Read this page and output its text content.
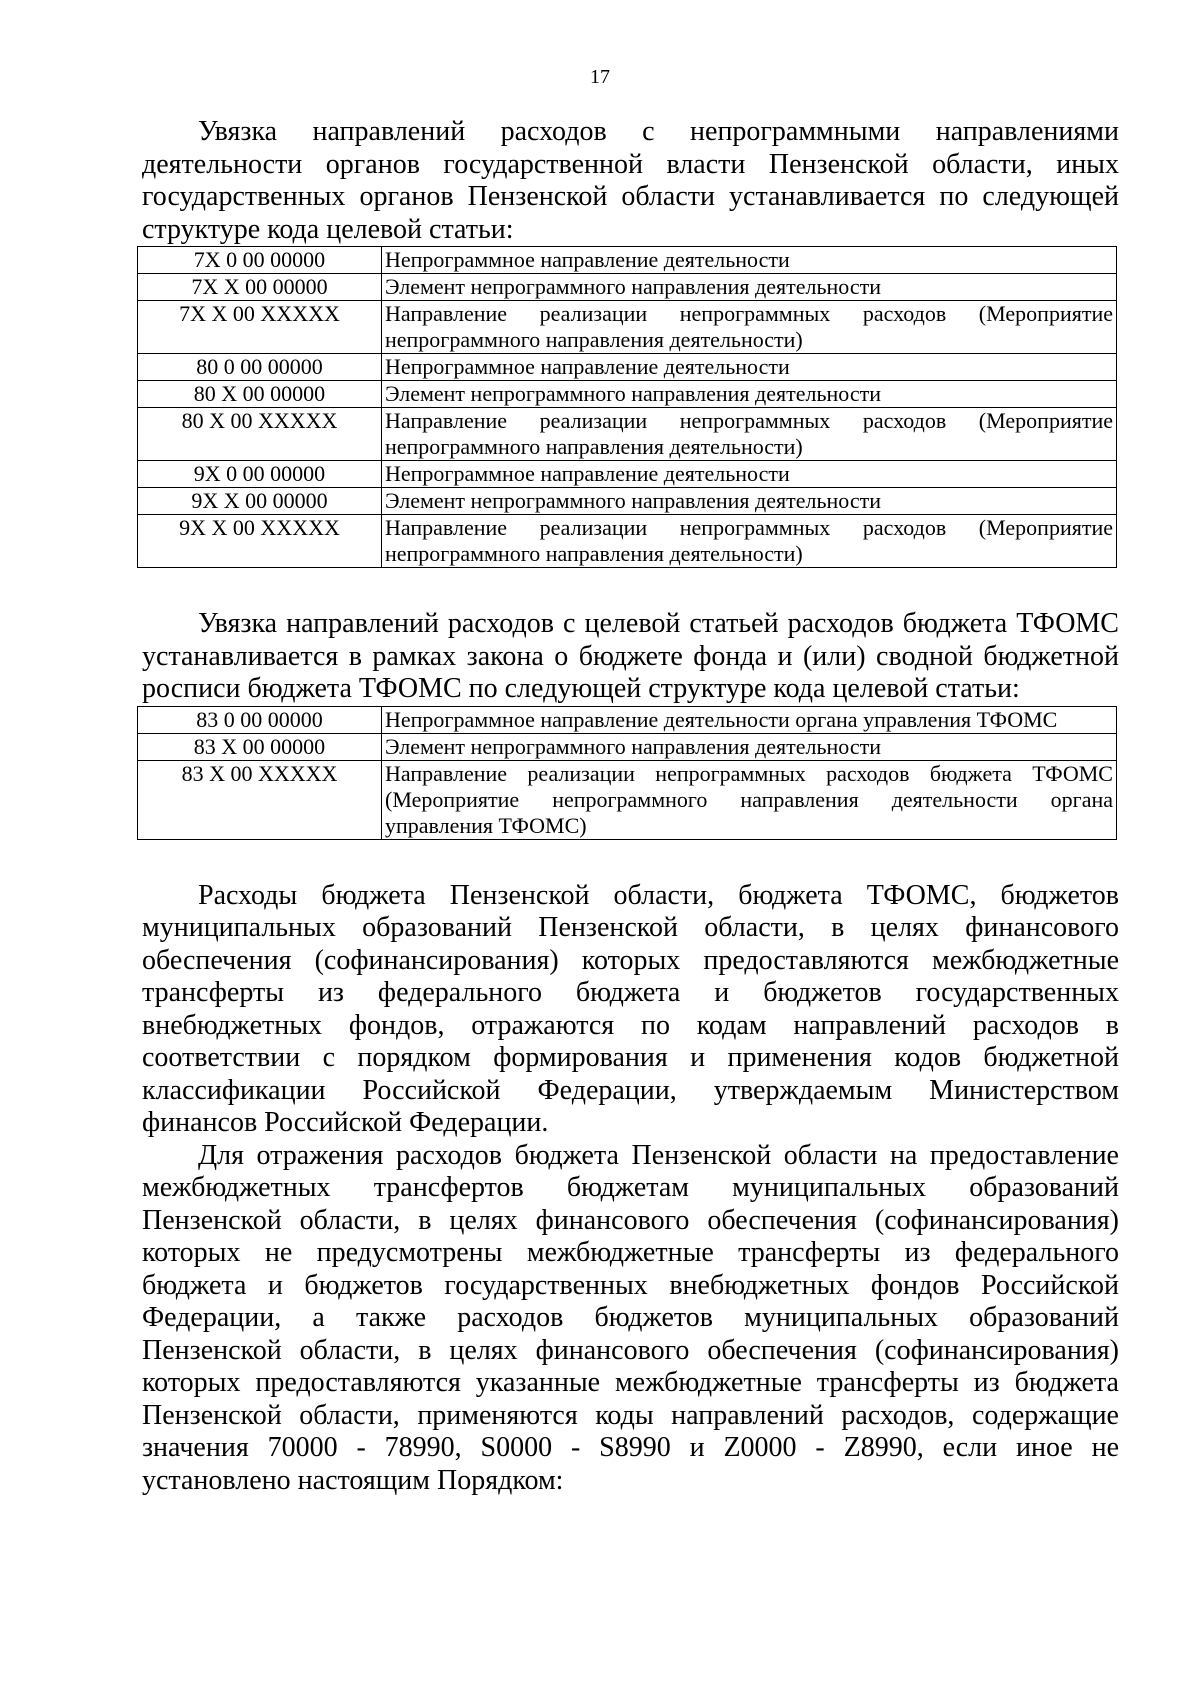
17

Увязка направлений расходов с непрограммными направлениями деятельности органов государственной власти Пензенской области, иных государственных органов Пензенской области устанавливается по следующей структуре кода целевой статьи:

7X 0 00 00000	Непрограммное направление деятельности
7X X 00 00000	Элемент непрограммного направления деятельности
7X X 00 XXXXX	Направление реализации непрограммных расходов (Мероприятие непрограммного направления деятельности)
80 0 00 00000	Непрограммное направление деятельности
80 X 00 00000	Элемент непрограммного направления деятельности
80 X 00 XXXXX	Направление реализации непрограммных расходов (Мероприятие непрограммного направления деятельности)
9X 0 00 00000	Непрограммное направление деятельности
9X X 00 00000	Элемент непрограммного направления деятельности
9X X 00 XXXXX	Направление реализации непрограммных расходов (Мероприятие непрограммного направления деятельности)

Увязка направлений расходов с целевой статьей расходов бюджета ТФОМС устанавливается в рамках закона о бюджете фонда и (или) сводной бюджетной росписи бюджета ТФОМС по следующей структуре кода целевой статьи:

83 0 00 00000	Непрограммное направление деятельности органа управления ТФОМС
83 X 00 00000	Элемент непрограммного направления деятельности
83 X 00 XXXXX	Направление реализации непрограммных расходов бюджета ТФОМС (Мероприятие непрограммного направления деятельности органа управления ТФОМС)

Расходы бюджета Пензенской области, бюджета ТФОМС, бюджетов муниципальных образований Пензенской области, в целях финансового обеспечения (софинансирования) которых предоставляются межбюджетные трансферты из федерального бюджета и бюджетов государственных внебюджетных фондов, отражаются по кодам направлений расходов в соответствии с порядком формирования и применения кодов бюджетной классификации Российской Федерации, утверждаемым Министерством финансов Российской Федерации.

Для отражения расходов бюджета Пензенской области на предоставление межбюджетных трансфертов бюджетам муниципальных образований Пензенской области, в целях финансового обеспечения (софинансирования) которых не предусмотрены межбюджетные трансферты из федерального бюджета и бюджетов государственных внебюджетных фондов Российской Федерации, а также расходов бюджетов муниципальных образований Пензенской области, в целях финансового обеспечения (софинансирования) которых предоставляются указанные межбюджетные трансферты из бюджета Пензенской области, применяются коды направлений расходов, содержащие значения 70000 - 78990, S0000 - S8990 и Z0000 - Z8990, если иное не установлено настоящим Порядком:
